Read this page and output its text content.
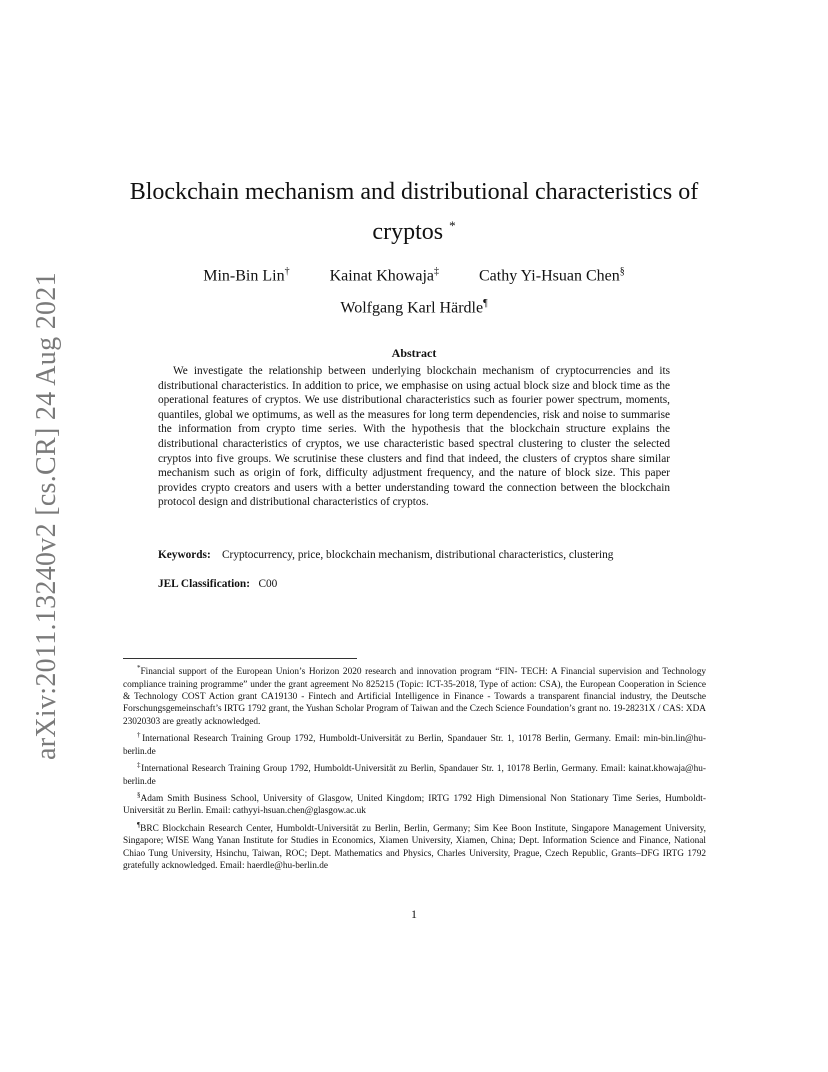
arXiv:2011.13240v2 [cs.CR] 24 Aug 2021
Blockchain mechanism and distributional characteristics of cryptos *
Min-Bin Lin†	Kainat Khowaja‡	Cathy Yi-Hsuan Chen§
Wolfgang Karl Härdle¶
Abstract
We investigate the relationship between underlying blockchain mechanism of cryptocurrencies and its distributional characteristics. In addition to price, we emphasise on using actual block size and block time as the operational features of cryptos. We use distributional characteristics such as fourier power spectrum, moments, quantiles, global we optimums, as well as the measures for long term dependencies, risk and noise to summarise the information from crypto time series. With the hypothesis that the blockchain structure explains the distributional characteristics of cryptos, we use characteristic based spectral clustering to cluster the selected cryptos into five groups. We scrutinise these clusters and find that indeed, the clusters of cryptos share similar mechanism such as origin of fork, difficulty adjustment frequency, and the nature of block size. This paper provides crypto creators and users with a better understanding toward the connection between the blockchain protocol design and distributional characteristics of cryptos.
Keywords: Cryptocurrency, price, blockchain mechanism, distributional characteristics, clustering
JEL Classification: C00

*Financial support of the European Union’s Horizon 2020 research and innovation program “FIN- TECH: A Financial supervision and Technology compliance training programme” under the grant agreement No 825215 (Topic: ICT-35-2018, Type of action: CSA), the European Cooperation in Science & Technology COST Action grant CA19130 - Fintech and Artificial Intelligence in Finance - Towards a transparent financial industry, the Deutsche Forschungsgemeinschaft’s IRTG 1792 grant, the Yushan Scholar Program of Taiwan and the Czech Science Foundation’s grant no. 19-28231X / CAS: XDA 23020303 are greatly acknowledged.

†International Research Training Group 1792, Humboldt-Universität zu Berlin, Spandauer Str. 1, 10178 Berlin, Germany. Email: min-bin.lin@hu-berlin.de

‡International Research Training Group 1792, Humboldt-Universität zu Berlin, Spandauer Str. 1, 10178 Berlin, Germany. Email: kainat.khowaja@hu-berlin.de

§Adam Smith Business School, University of Glasgow, United Kingdom; IRTG 1792 High Dimensional Non Stationary Time Series, Humboldt-Universität zu Berlin. Email: cathyyi-hsuan.chen@glasgow.ac.uk

¶BRC Blockchain Research Center, Humboldt-Universität zu Berlin, Berlin, Germany; Sim Kee Boon Institute, Singapore Management University, Singapore; WISE Wang Yanan Institute for Studies in Economics, Xiamen University, Xiamen, China; Dept. Information Science and Finance, National Chiao Tung University, Hsinchu, Taiwan, ROC; Dept. Mathematics and Physics, Charles University, Prague, Czech Republic, Grants–DFG IRTG 1792 gratefully acknowledged. Email: haerdle@hu-berlin.de

1
